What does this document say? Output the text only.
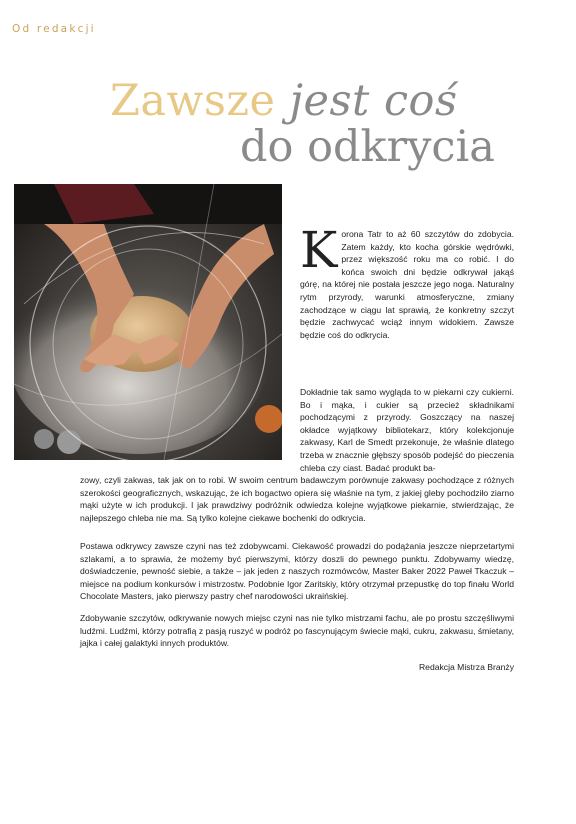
Od redakcji
Zawsze jest coś
do odkrycia
Korona Tatr to aż 60 szczytów do zdobycia. Zatem każdy, kto kocha górskie wędrówki, przez większość roku ma co robić. I do końca swoich dni będzie odkrywał jakąś górę, na której nie postała jeszcze jego noga. Naturalny rytm przyrody, warunki atmosferyczne, zmiany zachodzące w ciągu lat sprawią, że konkretny szczyt będzie zachwycać wciąż innym widokiem. Zawsze będzie coś do odkrycia.
Dokładnie tak samo wygląda to w piekarni czy cukierni. Bo i mąka, i cukier są przecież składnikami pochodzącymi z przyrody. Goszczący na naszej okładce wyjątkowy bibliotekarz, który kolekcjonuje zakwasy, Karl de Smedt przekonuje, że właśnie dlatego trzeba w znacznie głębszy sposób podejść do pieczenia chleba czy ciast. Badać produkt ba-
zowy, czyli zakwas, tak jak on to robi. W swoim centrum badawczym porównuje zakwasy pochodzące z różnych szerokości geograficznych, wskazując, że ich bogactwo opiera się właśnie na tym, z jakiej gleby pochodziło ziarno mąki użyte w ich produkcji. I jak prawdziwy podróżnik odwiedza kolejne wyjątkowe piekarnie, stwierdzając, że najlepszego chleba nie ma. Są tylko kolejne ciekawe bochenki do odkrycia.
Postawa odkrywcy zawsze czyni nas też zdobywcami. Ciekawość prowadzi do podążania jeszcze nieprzetartymi szlakami, a to sprawia, że możemy być pierwszymi, którzy doszli do pewnego punktu. Zdobywamy wiedzę, doświadczenie, pewność siebie, a także – jak jeden z naszych rozmówców, Master Baker 2022 Paweł Tkaczuk – miejsce na podium konkursów i mistrzostw. Podobnie Igor Zaritskiy, który otrzymał przepustkę do top finału World Chocolate Masters, jako pierwszy pastry chef narodowości ukraińskiej.
Zdobywanie szczytów, odkrywanie nowych miejsc czyni nas nie tylko mistrzami fachu, ale po prostu szczęśliwymi ludźmi. Ludźmi, którzy potrafią z pasją ruszyć w podróż po fascynującym świecie mąki, cukru, zakwasu, śmietany, jajka i całej galaktyki innych produktów.
Redakcja Mistrza Branży
